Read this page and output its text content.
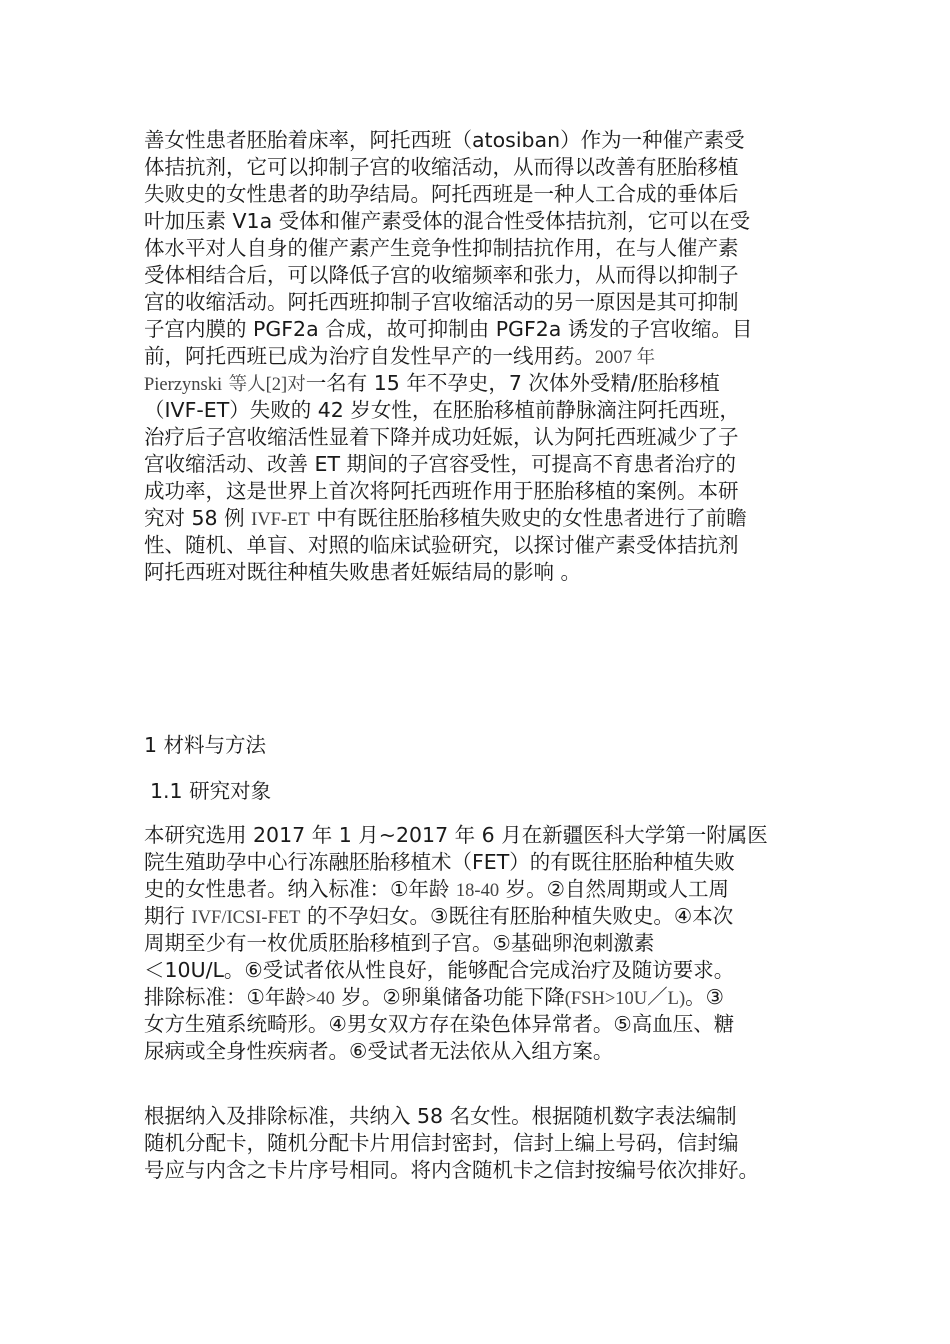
善女性患者胚胎着床率，阿托西班（atosiban）作为一种催产素受
体拮抗剂，它可以抑制子宫的收缩活动，从而得以改善有胚胎移植
失败史的女性患者的助孕结局。阿托西班是一种人工合成的垂体后
叶加压素 V1a 受体和催产素受体的混合性受体拮抗剂，它可以在受
体水平对人自身的催产素产生竞争性抑制拮抗作用，在与人催产素
受体相结合后，可以降低子宫的收缩频率和张力，从而得以抑制子
宫的收缩活动。阿托西班抑制子宫收缩活动的另一原因是其可抑制
子宫内膜的 PGF2a 合成，故可抑制由 PGF2a 诱发的子宫收缩。目
前，阿托西班已成为治疗自发性早产的一线用药。2007 年
Pierzynski 等人[2]对一名有 15 年不孕史，7 次体外受精/胚胎移植
（IVF-ET）失败的 42 岁女性，在胚胎移植前静脉滴注阿托西班，
治疗后子宫收缩活性显着下降并成功妊娠，认为阿托西班减少了子
宫收缩活动、改善 ET 期间的子宫容受性，可提高不育患者治疗的
成功率，这是世界上首次将阿托西班作用于胚胎移植的案例。本研
究对 58 例 IVF-ET 中有既往胚胎移植失败史的女性患者进行了前瞻
性、随机、单盲、对照的临床试验研究，以探讨催产素受体拮抗剂
阿托西班对既往种植失败患者妊娠结局的影响 。
1 材料与方法
1.1 研究对象
本研究选用 2017 年 1 月~2017 年 6 月在新疆医科大学第一附属医
院生殖助孕中心行冻融胚胎移植术（FET）的有既往胚胎种植失败
史的女性患者。纳入标准：①年龄 18-40 岁。②自然周期或人工周
期行 IVF/ICSI-FET 的不孕妇女。③既往有胚胎种植失败史。④本次
周期至少有一枚优质胚胎移植到子宫。⑤基础卵泡刺激素
＜10U/L。⑥受试者依从性良好，能够配合完成治疗及随访要求。
排除标准：①年龄>40 岁。②卵巢储备功能下降(FSH>10U／L)。③
女方生殖系统畸形。④男女双方存在染色体异常者。⑤高血压、糖
尿病或全身性疾病者。⑥受试者无法依从入组方案。
根据纳入及排除标准，共纳入 58 名女性。根据随机数字表法编制
随机分配卡，随机分配卡片用信封密封，信封上编上号码，信封编
号应与内含之卡片序号相同。将内含随机卡之信封按编号依次排好。
